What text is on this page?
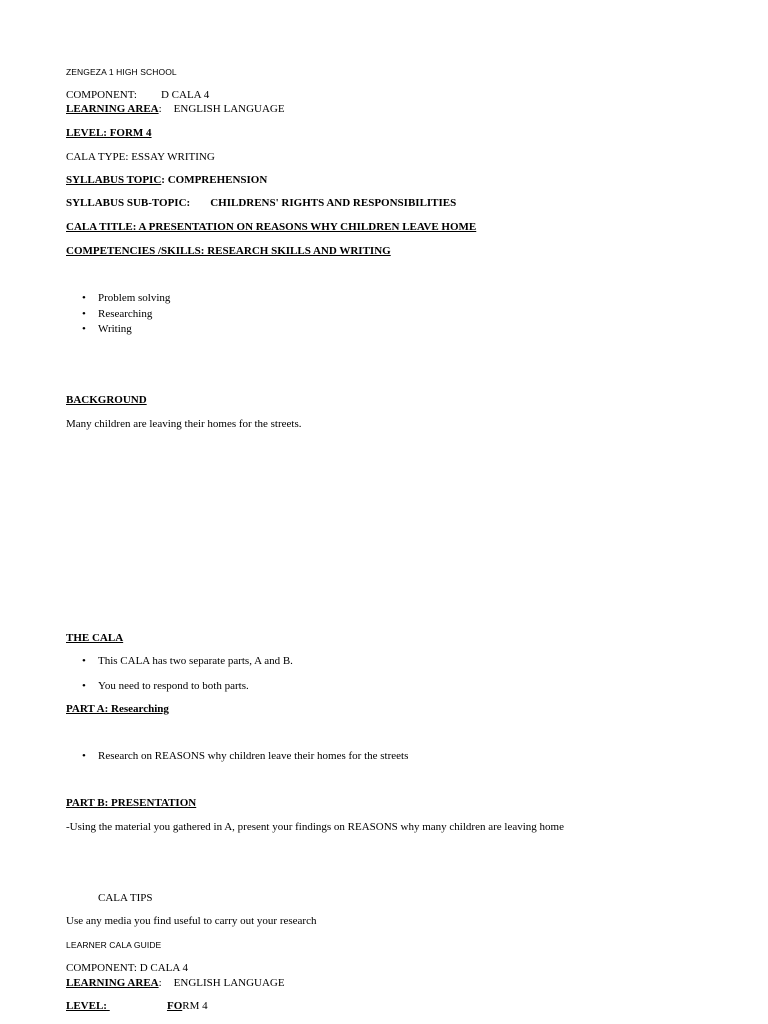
ZENGEZA 1 HIGH SCHOOL
COMPONENT: D CALA 4
LEARNING AREA: ENGLISH LANGUAGE
LEVEL: FORM 4
CALA TYPE: ESSAY WRITING
SYLLABUS TOPIC: COMPREHENSION
SYLLABUS SUB-TOPIC: CHILDRENS' RIGHTS AND RESPONSIBILITIES
CALA TITLE: A PRESENTATION ON REASONS WHY CHILDREN LEAVE HOME
COMPETENCIES /SKILLS: RESEARCH SKILLS AND WRITING
• Problem solving
• Researching
• Writing
BACKGROUND
Many children are leaving their homes for the streets.
THE CALA
• This CALA has two separate parts, A and B.
• You need to respond to both parts.
PART A: Researching
• Research on REASONS why children leave their homes for the streets
PART B: PRESENTATION
-Using the material you gathered in A, present your findings on REASONS why many children are leaving home
CALA TIPS
Use any media you find useful to carry out your research
LEARNER CALA GUIDE
COMPONENT: D CALA 4
LEARNING AREA: ENGLISH LANGUAGE
LEVEL:	FORM 4
